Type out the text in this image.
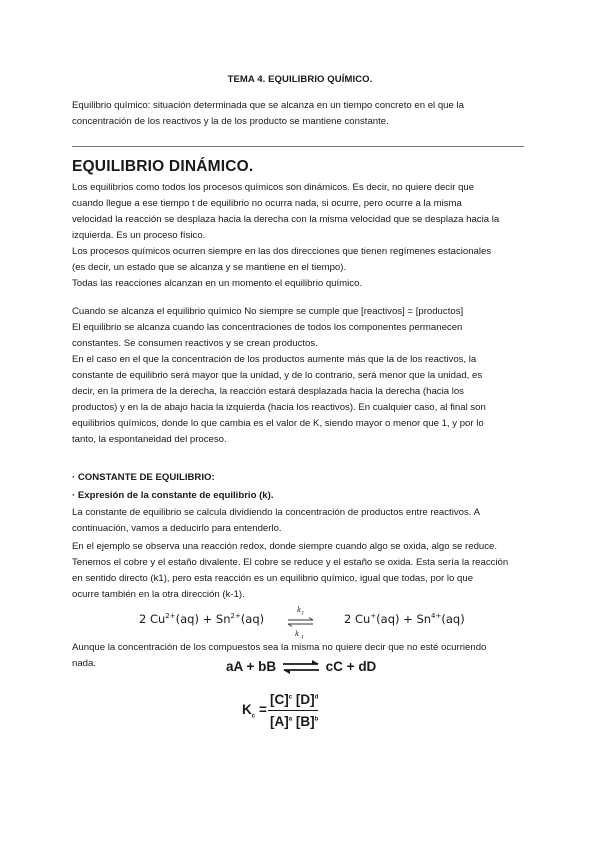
TEMA 4. EQUILIBRIO QUÍMICO.

Equilibrio químico: situación determinada que se alcanza en un tiempo concreto en el que la

concentración de los reactivos y la de los producto se mantiene constante.

EQUILIBRIO DINÁMICO.

Los equilibrios como todos los procesos químicos son dinámicos. Es decir, no quiere decir que

cuando llegue a ese tiempo t de equilibrio no ocurra nada, si ocurre, pero ocurre a la misma

velocidad la reacción se desplaza hacia la derecha con la misma velocidad que se desplaza hacia la

izquierda. Es un proceso físico.

Los procesos químicos ocurren siempre en las dos direcciones que tienen regímenes estacionales

(es decir, un estado que se alcanza y se mantiene en el tiempo).

Todas las reacciones alcanzan en un momento el equilibrio químico.

Cuando se alcanza el equilibrio químico No siempre se cumple que [reactivos] = [productos]

El equilibrio se alcanza cuando las concentraciones de todos los componentes permanecen

constantes. Se consumen reactivos y se crean productos.

En el caso en el que la concentración de los productos aumente más que la de los reactivos, la

constante de equilibrio será mayor que la unidad, y de lo contrario, será menor que la unidad, es

decir, en la primera de la derecha, la reacción estará desplazada hacia la derecha (hacia los

productos) y en la de abajo hacia la izquierda (hacia los reactivos). En cualquier caso, al final son

equilibrios químicos, donde lo que cambia es el valor de K, siendo mayor o menor que 1, y por lo

tanto, la espontaneidad del proceso.

· CONSTANTE DE EQUILIBRIO:

· Expresión de la constante de equilibrio (k).

La constante de equilibrio se calcula dividiendo la concentración de productos entre reactivos. A

continuación, vamos a deducirlo para entenderlo.

En el ejemplo se observa una reacción redox, donde siempre cuando algo se oxida, algo se reduce.

Tenemos el cobre y el estaño divalente. El cobre se reduce y el estaño se oxida. Esta sería la reacción

en sentido directo (k1), pero esta reacción es un equilibrio químico, igual que todas, por lo que

ocurre también en la otra dirección (k-1).

2 $Cu^{2+}(aq) + Sn^{2+}(aq)$
$k_1$
$k_{-1}$
2 $Cu^+(aq) + Sn^{4+}(aq)$

Aunque la concentración de los compuestos sea la misma no quiere decir que no esté ocurriendo

nada.	aA + bB ⇌ cC + dD
$K_c$ =
$[C]^c$ $[D]^d$
$[A]^a$ $[B]^b$
